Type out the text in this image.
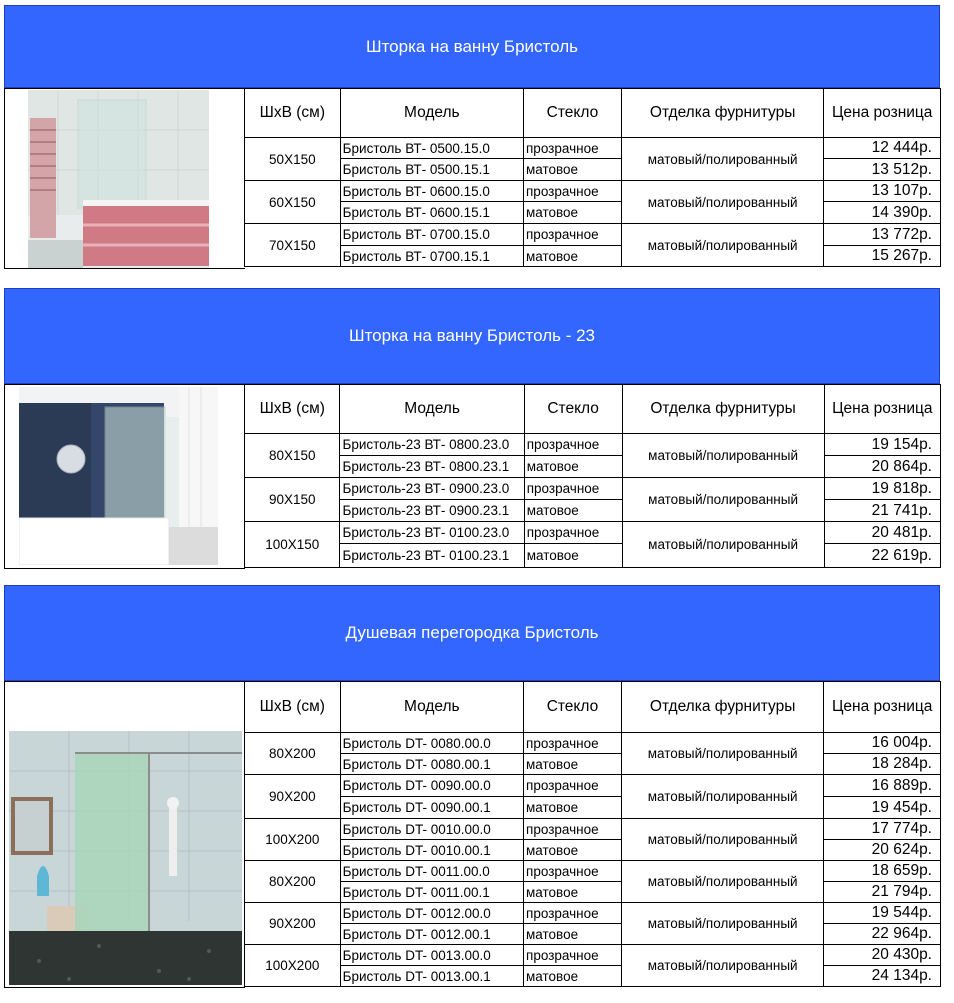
Шторка на ванну Бристоль
ШхВ (см)	Модель	Стекло	Отделка фурнитуры	Цена розница
50Х150	Бристоль ВТ- 0500.15.0	прозрачное	матовый/полированный	12 444р.
	Бристоль ВТ- 0500.15.1	матовое		13 512р.
60Х150	Бристоль ВТ- 0600.15.0	прозрачное	матовый/полированный	13 107р.
	Бристоль ВТ- 0600.15.1	матовое		14 390р.
70Х150	Бристоль ВТ- 0700.15.0	прозрачное	матовый/полированный	13 772р.
	Бристоль ВТ- 0700.15.1	матовое		15 267р.
Шторка на ванну Бристоль - 23
ШхВ (см)	Модель	Стекло	Отделка фурнитуры	Цена розница
80Х150	Бристоль-23 ВТ- 0800.23.0	прозрачное	матовый/полированный	19 154р.
	Бристоль-23 ВТ- 0800.23.1	матовое		20 864р.
90Х150	Бристоль-23 ВТ- 0900.23.0	прозрачное	матовый/полированный	19 818р.
	Бристоль-23 ВТ- 0900.23.1	матовое		21 741р.
100Х150	Бристоль-23 ВТ- 0100.23.0	прозрачное	матовый/полированный	20 481р.
	Бристоль-23 ВТ- 0100.23.1	матовое		22 619р.
Душевая перегородка Бристоль
ШхВ (см)	Модель	Стекло	Отделка фурнитуры	Цена розница
80Х200	Бристоль DT- 0080.00.0	прозрачное	матовый/полированный	16 004р.
	Бристоль DT- 0080.00.1	матовое		18 284р.
90Х200	Бристоль DT- 0090.00.0	прозрачное	матовый/полированный	16 889р.
	Бристоль DT- 0090.00.1	матовое		19 454р.
100Х200	Бристоль DT- 0010.00.0	прозрачное	матовый/полированный	17 774р.
	Бристоль DT- 0010.00.1	матовое		20 624р.
80Х200	Бристоль DT- 0011.00.0	прозрачное	матовый/полированный	18 659р.
	Бристоль DT- 0011.00.1	матовое		21 794р.
90Х200	Бристоль DT- 0012.00.0	прозрачное	матовый/полированный	19 544р.
	Бристоль DT- 0012.00.1	матовое		22 964р.
100Х200	Бристоль DT- 0013.00.0	прозрачное	матовый/полированный	20 430р.
	Бристоль DT- 0013.00.1	матовое		24 134р.
